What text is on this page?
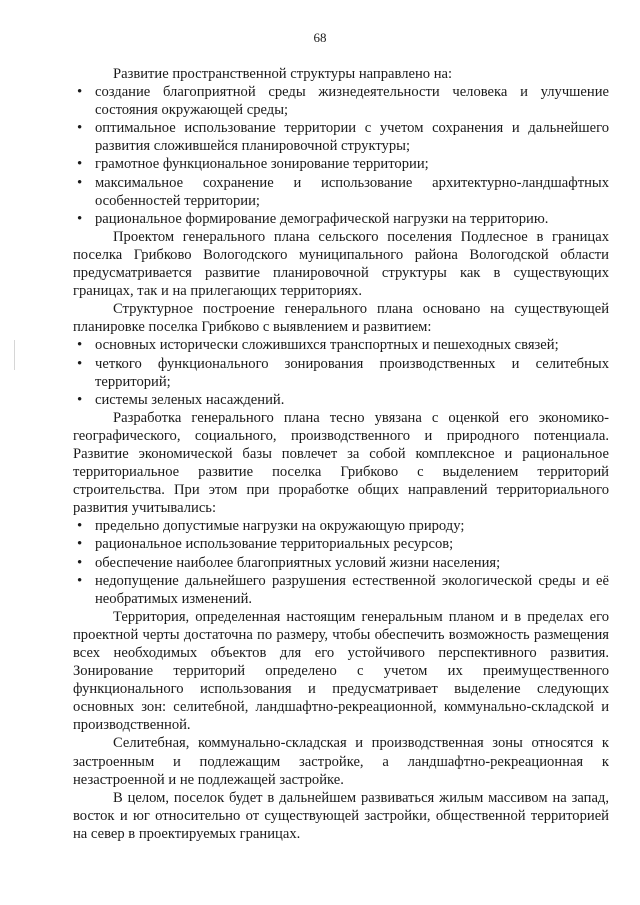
68

Развитие пространственной структуры направлено на:

• создание благоприятной среды жизнедеятельности человека и улучшение состояния окружающей среды;
• оптимальное использование территории с учетом сохранения и дальнейшего развития сложившейся планировочной структуры;
• грамотное функциональное зонирование территории;
• максимальное сохранение и использование архитектурно-ландшафтных особенностей территории;
• рациональное формирование демографической нагрузки на территорию.

Проектом генерального плана сельского поселения Подлесное в границах поселка Грибково Вологодского муниципального района Вологодской области предусматривается развитие планировочной структуры как в существующих границах, так и на прилегающих территориях.

Структурное построение генерального плана основано на существующей планировке поселка Грибково с выявлением и развитием:

• основных исторически сложившихся транспортных и пешеходных связей;
• четкого функционального зонирования производственных и селитебных территорий;
• системы зеленых насаждений.

Разработка генерального плана тесно увязана с оценкой его экономико-географического, социального, производственного и природного потенциала. Развитие экономической базы повлечет за собой комплексное и рациональное территориальное развитие поселка Грибково с выделением территорий строительства. При этом при проработке общих направлений территориального развития учитывались:

• предельно допустимые нагрузки на окружающую природу;
• рациональное использование территориальных ресурсов;
• обеспечение наиболее благоприятных условий жизни населения;
• недопущение дальнейшего разрушения естественной экологической среды и её необратимых изменений.

Территория, определенная настоящим генеральным планом и в пределах его проектной черты достаточна по размеру, чтобы обеспечить возможность размещения всех необходимых объектов для его устойчивого перспективного развития. Зонирование территорий определено с учетом их преимущественного функционального использования и предусматривает выделение следующих основных зон: селитебной, ландшафтно-рекреационной, коммунально-складской и производственной.

Селитебная, коммунально-складская и производственная зоны относятся к застроенным и подлежащим застройке, а ландшафтно-рекреационная к незастроенной и не подлежащей застройке.

В целом, поселок будет в дальнейшем развиваться жилым массивом на запад, восток и юг относительно от существующей застройки, общественной территорией на север в проектируемых границах.
